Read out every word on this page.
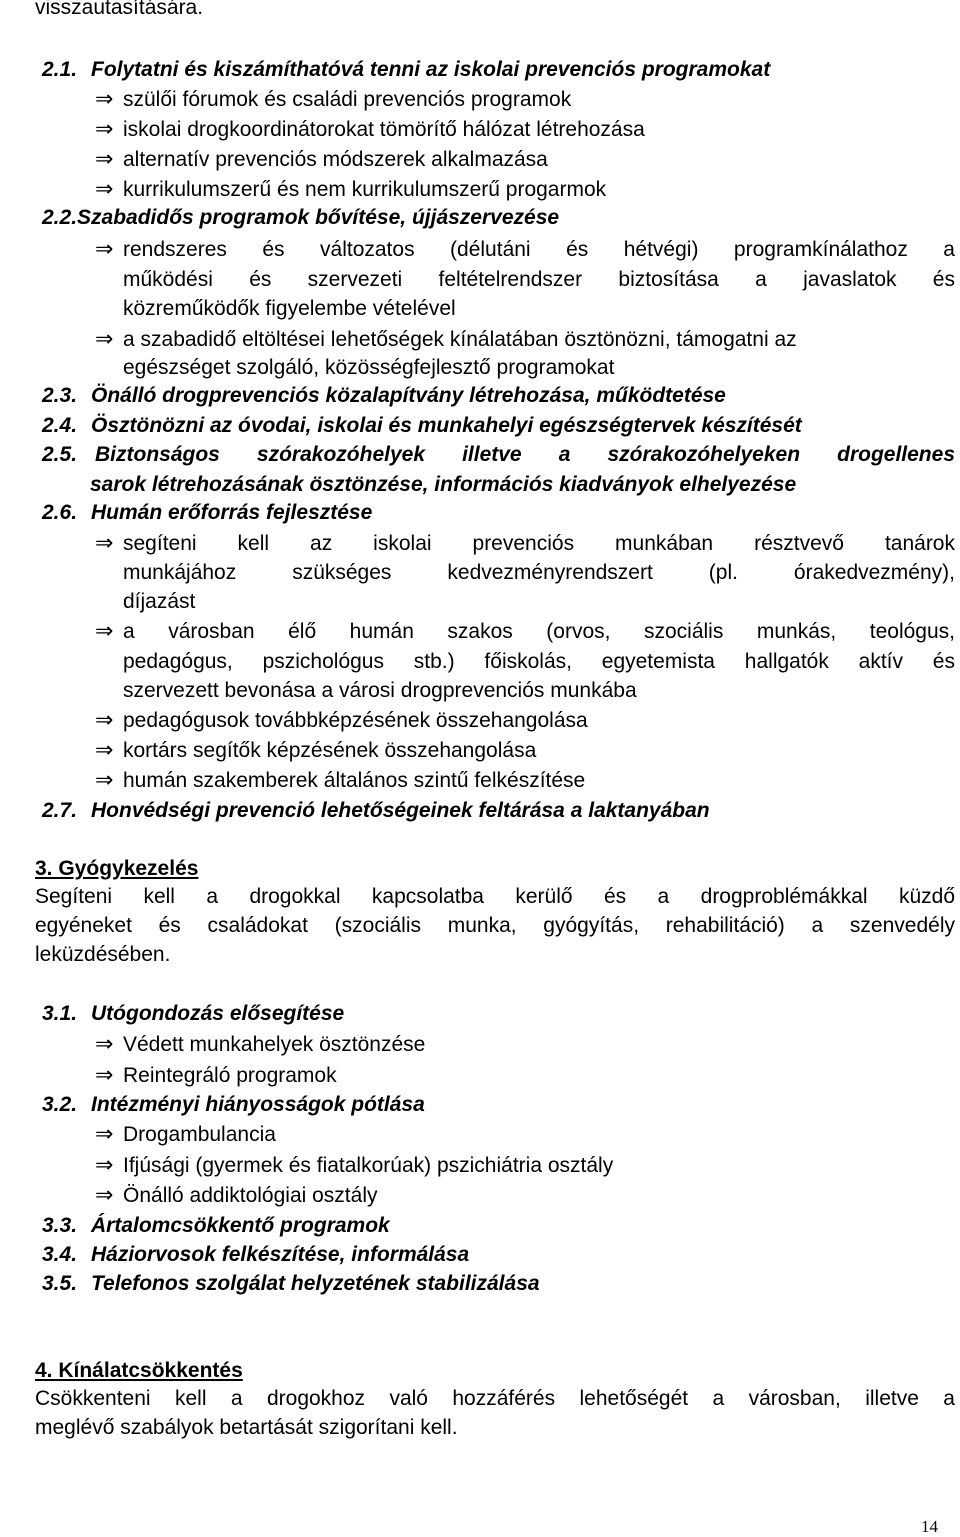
visszautasítására.
2.1. Folytatni és kiszámíthatóvá tenni az iskolai prevenciós programokat
⇒ szülői fórumok és családi prevenciós programok
⇒ iskolai drogkoordinátorokat tömörítő hálózat létrehozása
⇒ alternatív prevenciós módszerek alkalmazása
⇒ kurrikulumszerű és nem kurrikulumszerű progarmok
2.2.Szabadidős programok bővítése, újjászervezése
⇒ rendszeres és változatos (délutáni és hétvégi) programkínálathoz a
működési és szervezeti feltételrendszer biztosítása a javaslatok és
közreműködők figyelembe vételével
⇒ a szabadidő eltöltései lehetőségek kínálatában ösztönözni, támogatni az
egészséget szolgáló, közösségfejlesztő programokat
2.3. Önálló drogprevenciós közalapítvány létrehozása, működtetése
2.4. Ösztönözni az óvodai, iskolai és munkahelyi egészségtervek készítését
2.5. Biztonságos szórakozóhelyek illetve a szórakozóhelyeken drogellenes
sarok létrehozásának ösztönzése, információs kiadványok elhelyezése
2.6. Humán erőforrás fejlesztése
⇒ segíteni kell az iskolai prevenciós munkában résztvevő tanárok
munkájához szükséges kedvezményrendszert (pl. órakedvezmény),
díjazást
⇒ a városban élő humán szakos (orvos, szociális munkás, teológus,
pedagógus, pszichológus stb.) főiskolás, egyetemista hallgatók aktív és
szervezett bevonása a városi drogprevenciós munkába
⇒ pedagógusok továbbképzésének összehangolása
⇒ kortárs segítők képzésének összehangolása
⇒ humán szakemberek általános szintű felkészítése
2.7. Honvédségi prevenció lehetőségeinek feltárása a laktanyában
3. Gyógykezelés
Segíteni kell a drogokkal kapcsolatba kerülő és a drogproblémákkal küzdő
egyéneket és családokat (szociális munka, gyógyítás, rehabilitáció) a szenvedély
leküzdésében.
3.1. Utógondozás elősegítése
⇒ Védett munkahelyek ösztönzése
⇒ Reintegráló programok
3.2. Intézményi hiányosságok pótlása
⇒ Drogambulancia
⇒ Ifjúsági (gyermek és fiatalkorúak) pszichiátria osztály
⇒ Önálló addiktológiai osztály
3.3. Ártalomcsökkentő programok
3.4. Háziorvosok felkészítése, informálása
3.5. Telefonos szolgálat helyzetének stabilizálása
4. Kínálatcsökkentés
Csökkenteni kell a drogokhoz való hozzáférés lehetőségét a városban, illetve a
meglévő szabályok betartását szigorítani kell.
14
